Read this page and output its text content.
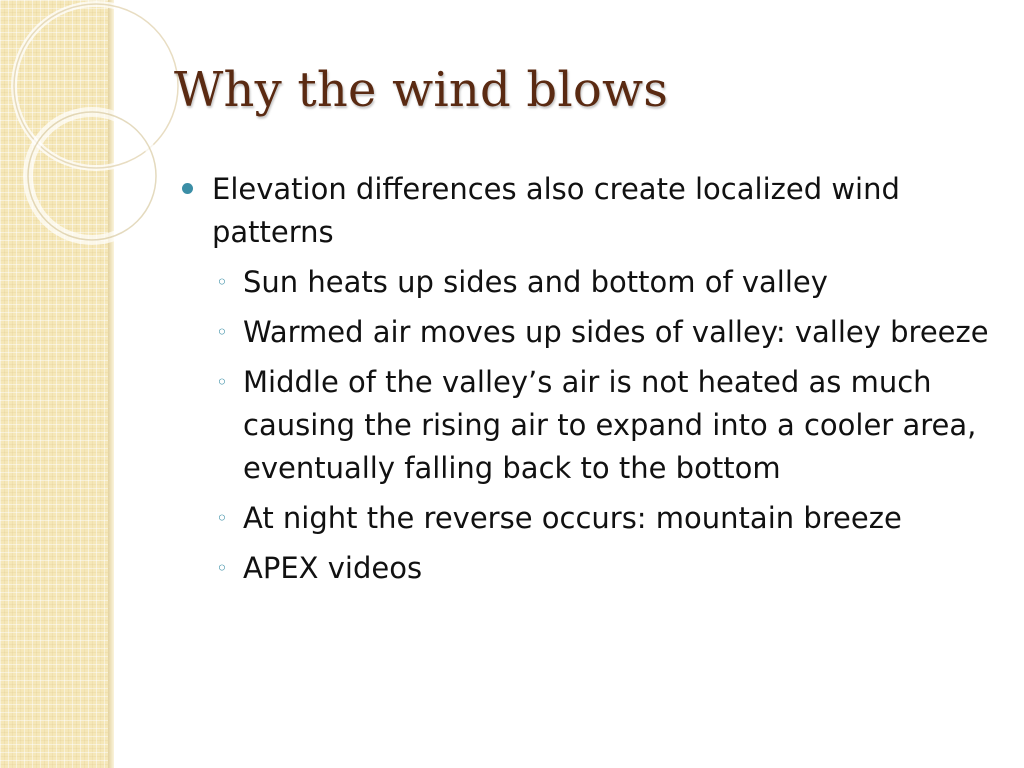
Why the wind blows
Elevation differences also create localized wind patterns
◦ Sun heats up sides and bottom of valley
◦ Warmed air moves up sides of valley: valley breeze
◦ Middle of the valley’s air is not heated as much causing the rising air to expand into a cooler area, eventually falling back to the bottom
◦ At night the reverse occurs: mountain breeze
◦ APEX videos
